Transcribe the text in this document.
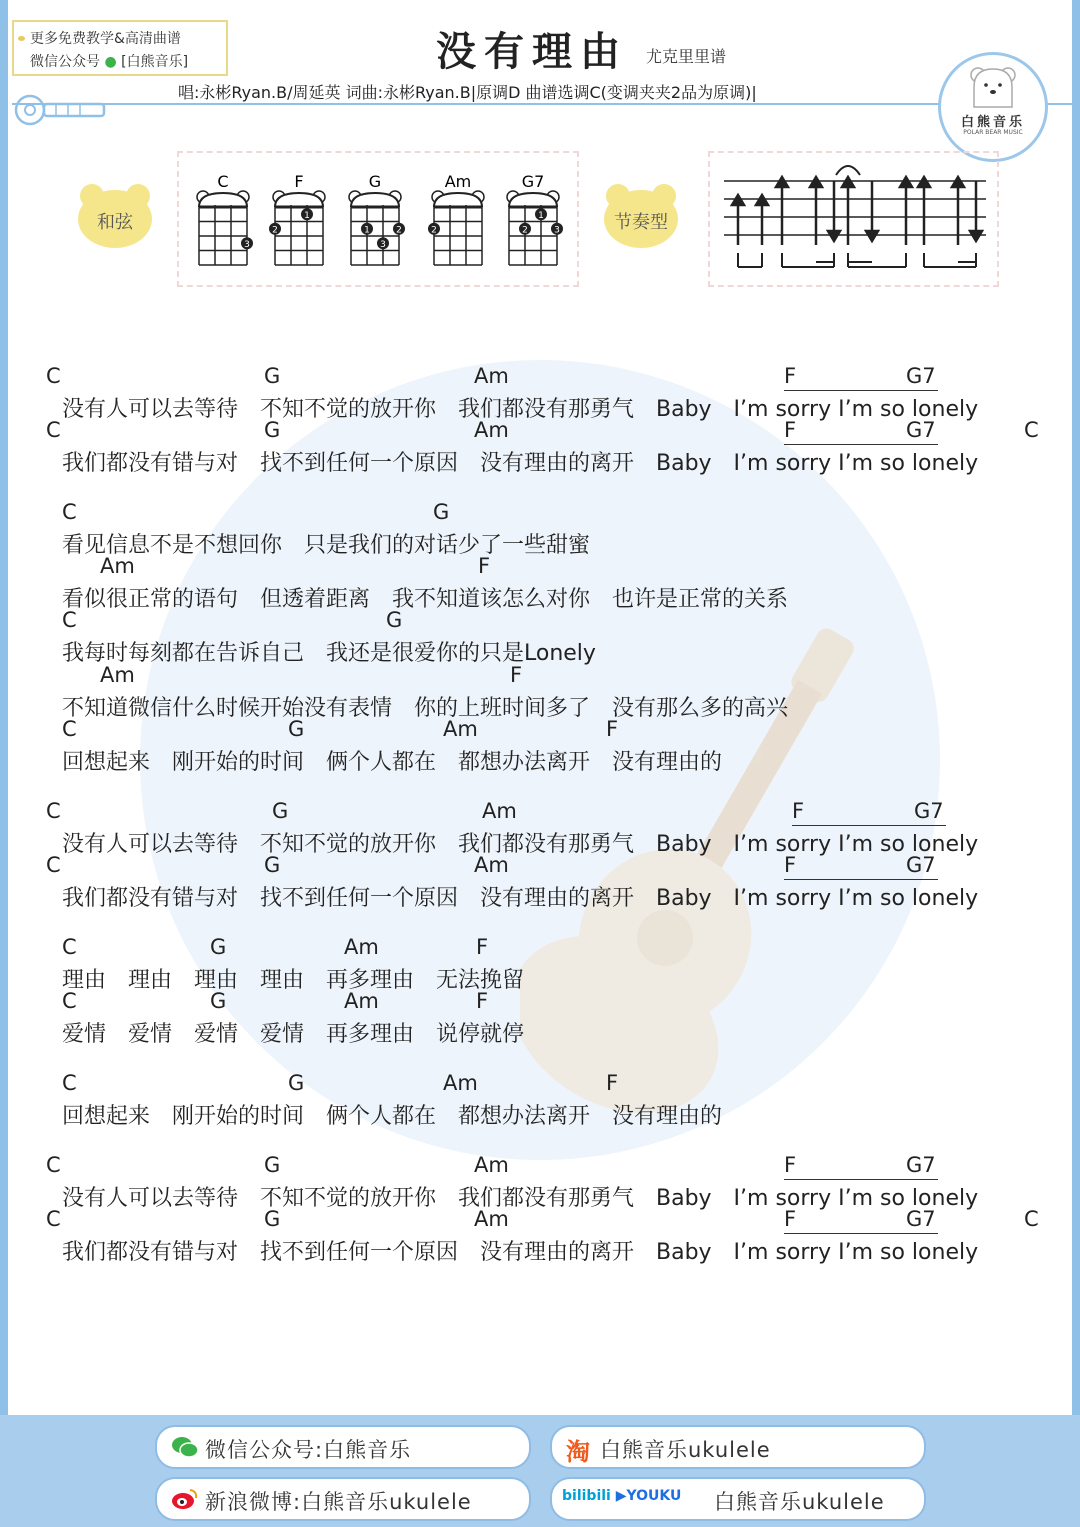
更多免费教学&高清曲谱
微信公众号 ● [白熊音乐]	没有理由 尤克里里谱
唱:永彬Ryan.B/周延英 词曲:永彬Ryan.B|原调D 曲谱选调C(变调夹夹2品为原调)|
白熊音乐
POLAR BEAR MUSIC
和弦
C
3
F
2
1
G
1	2
3
Am
2
G7
2
1
3	节奏型
C	G	Am	F	G7
没有人可以去等待　不知不觉的放开你　我们都没有那勇气　Baby　I’m sorry I’m so lonely
C	G	Am	F	G7	C
我们都没有错与对　找不到任何一个原因　没有理由的离开　Baby　I’m sorry I’m so lonely
C	G
看见信息不是不想回你　只是我们的对话少了一些甜蜜
Am	F
看似很正常的语句　但透着距离　我不知道该怎么对你　也许是正常的关系
C	G
我每时每刻都在告诉自己　我还是很爱你的只是Lonely
Am	F
不知道微信什么时候开始没有表情　你的上班时间多了　没有那么多的高兴
C	G	Am	F
回想起来　刚开始的时间　俩个人都在　都想办法离开　没有理由的
C	G	Am	F	G7
没有人可以去等待　不知不觉的放开你　我们都没有那勇气　Baby　I’m sorry I’m so lonely
C	G	Am	F	G7
我们都没有错与对　找不到任何一个原因　没有理由的离开　Baby　I’m sorry I’m so lonely
C	G	Am	F
理由　理由　理由　理由　再多理由　无法挽留
C	G	Am	F
爱情　爱情　爱情　爱情　再多理由　说停就停
C	G	Am	F
回想起来　刚开始的时间　俩个人都在　都想办法离开　没有理由的
C	G	Am	F	G7
没有人可以去等待　不知不觉的放开你　我们都没有那勇气　Baby　I’m sorry I’m so lonely
C	G	Am	F	G7	C
我们都没有错与对　找不到任何一个原因　没有理由的离开　Baby　I’m sorry I’m so lonely
微信公众号:白熊音乐	淘 白熊音乐ukulele
新浪微博:白熊音乐ukulele	bilibili ▶YOUKU 白熊音乐ukulele
